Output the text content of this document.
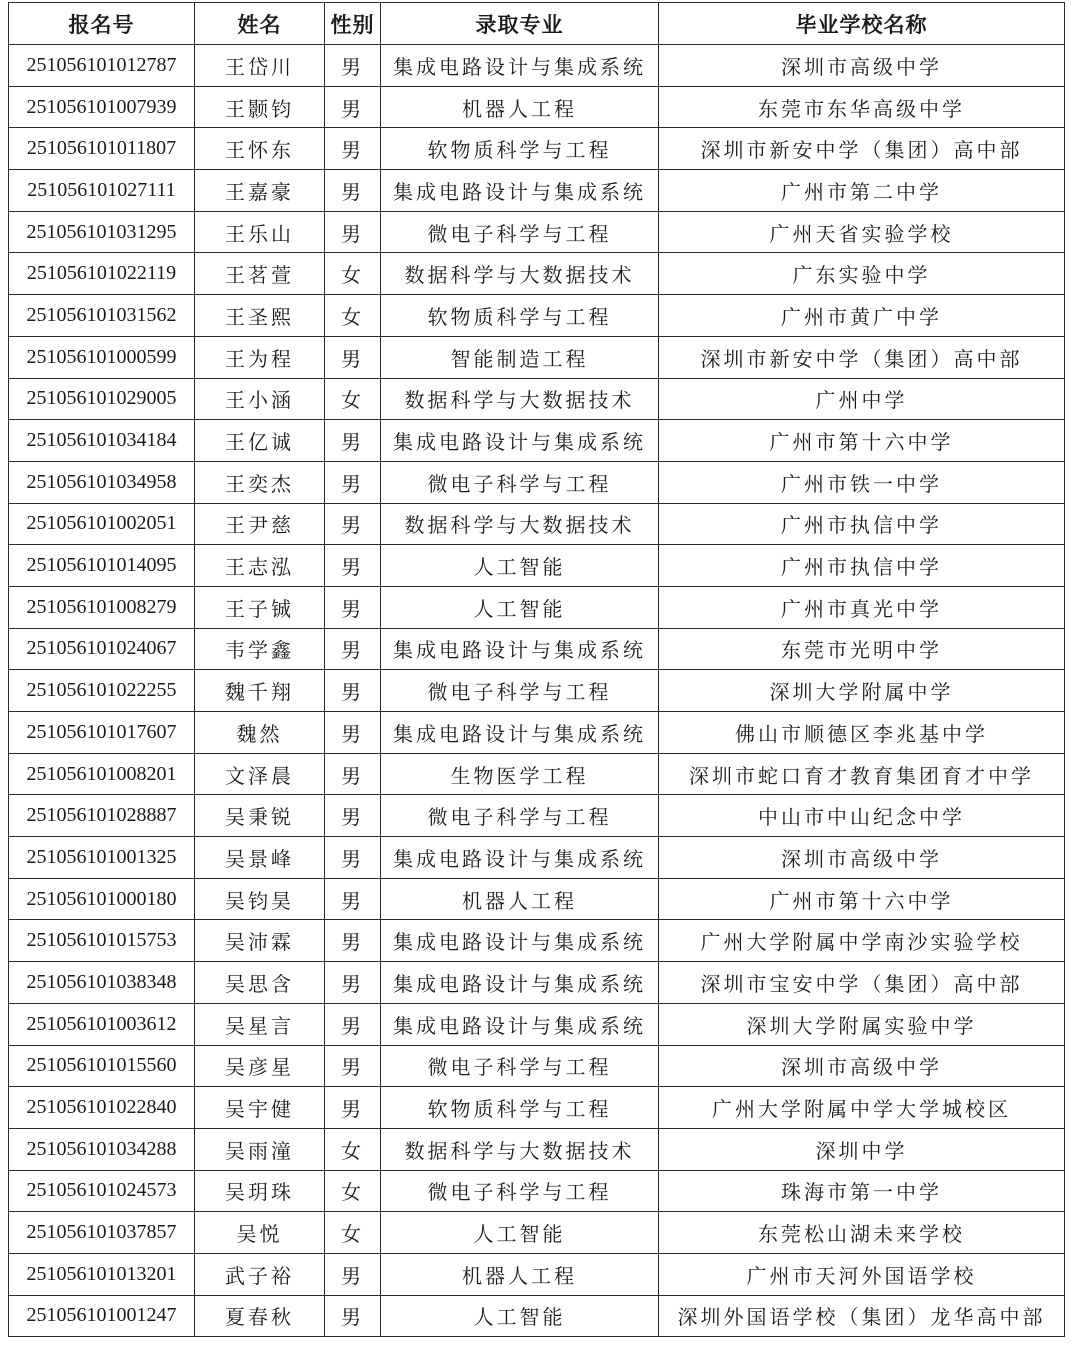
报名号	姓名	性别	录取专业	毕业学校名称
251056101012787	王岱川	男	集成电路设计与集成系统	深圳市高级中学
251056101007939	王颢钧	男	机器人工程	东莞市东华高级中学
251056101011807	王怀东	男	软物质科学与工程	深圳市新安中学（集团）高中部
251056101027111	王嘉豪	男	集成电路设计与集成系统	广州市第二中学
251056101031295	王乐山	男	微电子科学与工程	广州天省实验学校
251056101022119	王茗萱	女	数据科学与大数据技术	广东实验中学
251056101031562	王圣熙	女	软物质科学与工程	广州市黄广中学
251056101000599	王为程	男	智能制造工程	深圳市新安中学（集团）高中部
251056101029005	王小涵	女	数据科学与大数据技术	广州中学
251056101034184	王亿诚	男	集成电路设计与集成系统	广州市第十六中学
251056101034958	王奕杰	男	微电子科学与工程	广州市铁一中学
251056101002051	王尹慈	男	数据科学与大数据技术	广州市执信中学
251056101014095	王志泓	男	人工智能	广州市执信中学
251056101008279	王子铖	男	人工智能	广州市真光中学
251056101024067	韦学鑫	男	集成电路设计与集成系统	东莞市光明中学
251056101022255	魏千翔	男	微电子科学与工程	深圳大学附属中学
251056101017607	魏然	男	集成电路设计与集成系统	佛山市顺德区李兆基中学
251056101008201	文泽晨	男	生物医学工程	深圳市蛇口育才教育集团育才中学
251056101028887	吴秉锐	男	微电子科学与工程	中山市中山纪念中学
251056101001325	吴景峰	男	集成电路设计与集成系统	深圳市高级中学
251056101000180	吴钧昊	男	机器人工程	广州市第十六中学
251056101015753	吴沛霖	男	集成电路设计与集成系统	广州大学附属中学南沙实验学校
251056101038348	吴思含	男	集成电路设计与集成系统	深圳市宝安中学（集团）高中部
251056101003612	吴星言	男	集成电路设计与集成系统	深圳大学附属实验中学
251056101015560	吴彦星	男	微电子科学与工程	深圳市高级中学
251056101022840	吴宇健	男	软物质科学与工程	广州大学附属中学大学城校区
251056101034288	吴雨潼	女	数据科学与大数据技术	深圳中学
251056101024573	吴玥珠	女	微电子科学与工程	珠海市第一中学
251056101037857	吴悦	女	人工智能	东莞松山湖未来学校
251056101013201	武子裕	男	机器人工程	广州市天河外国语学校
251056101001247	夏春秋	男	人工智能	深圳外国语学校（集团）龙华高中部
